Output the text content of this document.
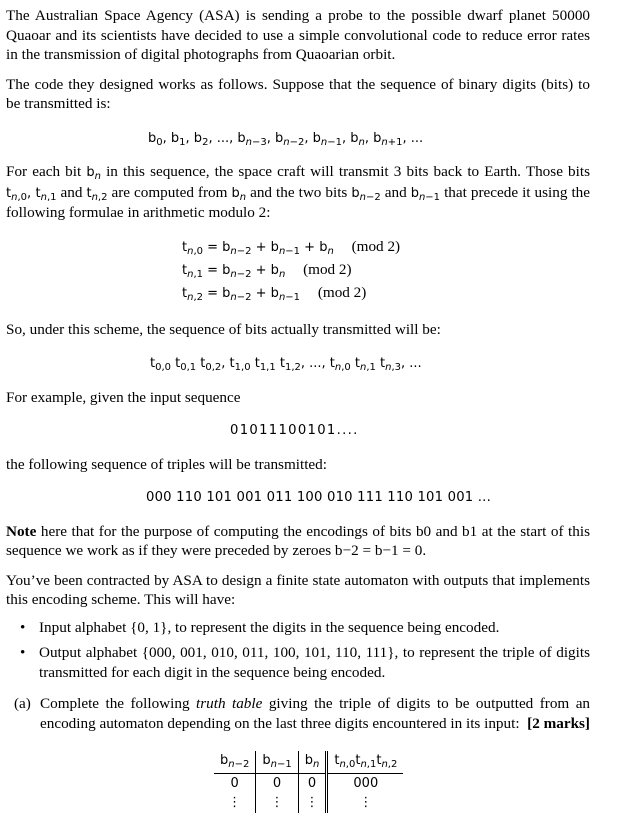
The Australian Space Agency (ASA) is sending a probe to the possible dwarf planet 50000 Quaoar and its scientists have decided to use a simple convolutional code to reduce error rates in the transmission of digital photographs from Quaoarian orbit.

The code they designed works as follows. Suppose that the sequence of binary digits (bits) to be transmitted is:

$b_0$, $b_1$, $b_2$, ..., $b_{n-3}$, $b_{n-2}$, $b_{n-1}$, $b_n$, $b_{n+1}$, ...

For each bit $b_n$ in this sequence, the space craft will transmit 3 bits back to Earth. Those bits $t_{n,0}$, $t_{n,1}$ and $t_{n,2}$ are computed from $b_n$ and the two bits $b_{n-2}$ and $b_{n-1}$ that precede it using the following formulae in arithmetic modulo 2:

$t_{n,0} = b_{n-2} + b_{n-1} + b_n$ (mod 2)
$t_{n,1} = b_{n-2} + b_n$ (mod 2)
$t_{n,2} = b_{n-2} + b_{n-1}$ (mod 2)

So, under this scheme, the sequence of bits actually transmitted will be:

$t_{0,0}$ $t_{0,1}$ $t_{0,2}$, $t_{1,0}$ $t_{1,1}$ $t_{1,2}$, ..., $t_{n,0}$ $t_{n,1}$ $t_{n,3}$, ...

For example, given the input sequence

01011100101....

the following sequence of triples will be transmitted:

000 110 101 001 011 100 010 111 110 101 001 ...

Note here that for the purpose of computing the encodings of bits b0 and b1 at the start of this sequence we work as if they were preceded by zeroes b−2 = b−1 = 0.

You’ve been contracted by ASA to design a finite state automaton with outputs that implements this encoding scheme. This will have:

• Input alphabet {0, 1}, to represent the digits in the sequence being encoded.
• Output alphabet {000, 001, 010, 011, 100, 101, 110, 111}, to represent the triple of digits transmitted for each digit in the sequence being encoded.
(a) Complete the following truth table giving the triple of digits to be outputted from an encoding automaton depending on the last three digits encountered in its input: [2 marks]

$b_{n-2}$	$b_{n-1}$	$b_n$	$t_{n,0}t_{n,1}t_{n,2}$
0	0	0	000
⋮	⋮	⋮	⋮
